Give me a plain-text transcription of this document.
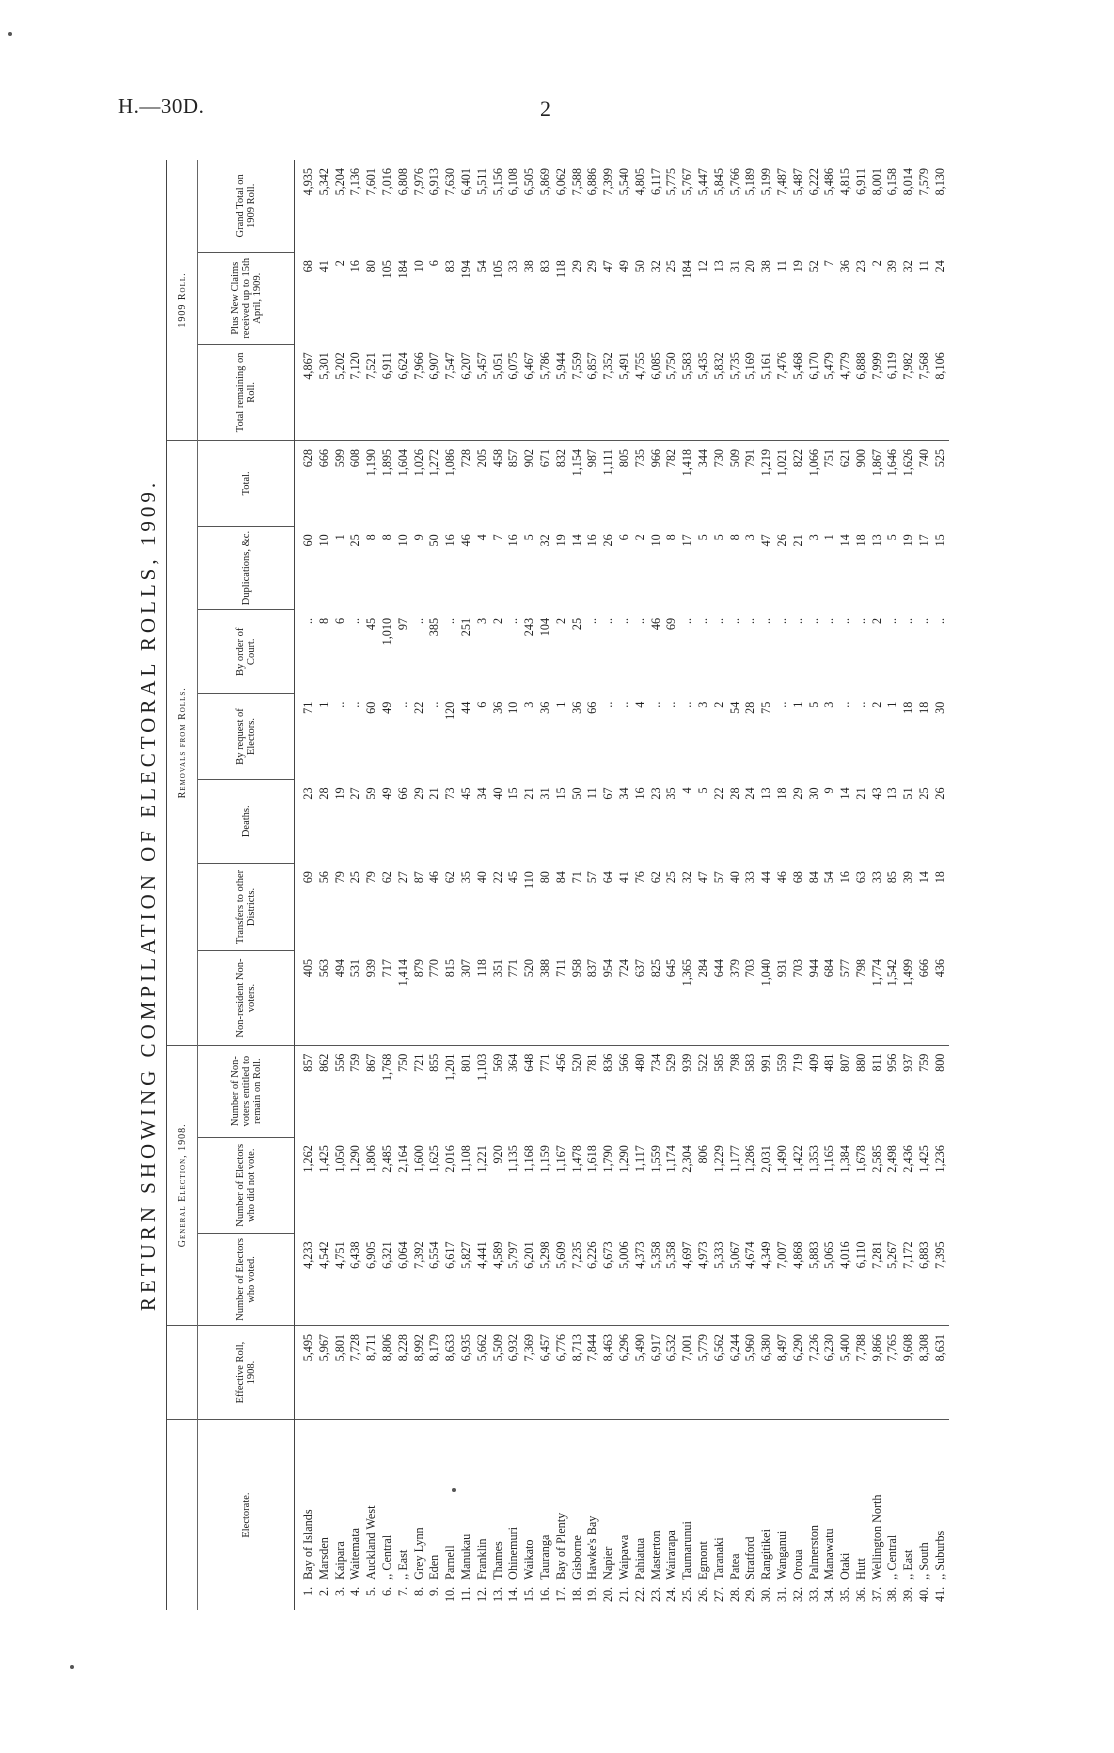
H.—30D.	2
RETURN SHOWING COMPILATION OF ELECTORAL ROLLS, 1909.
			General Election, 1908.			Removals from Rolls.							1909 Roll.		
Electorate.		Effective Roll, 1908.	Number of Electors who voted.	Number of Electors who did not vote.	Number of Non-voters entitled to remain on Roll.	Non-resident Non-voters.	Transfers to other Districts.	Deaths.	By request of Electors.	By order of Court.	Duplications, &c.	Total.	Total remaining on Roll.	Plus New Claims received up to 15th April, 1909.	Grand Total on 1909 Roll.
1.	Bay of Islands	5,495	4,233	1,262	857	405	69	23	71	..	60	628	4,867	68	4,935
2.	Marsden	5,967	4,542	1,425	862	563	56	28	1	8	10	666	5,301	41	5,342
3.	Kaipara	5,801	4,751	1,050	556	494	79	19	..	6	1	599	5,202	2	5,204
4.	Waitemata	7,728	6,438	1,290	759	531	25	27	..	..	25	608	7,120	16	7,136
5.	Auckland West	8,711	6,905	1,806	867	939	79	59	60	45	8	1,190	7,521	80	7,601
6.	,, Central	8,806	6,321	2,485	1,768	717	62	49	49	1,010	8	1,895	6,911	105	7,016
7.	,, East	8,228	6,064	2,164	750	1,414	27	66	..	97	10	1,604	6,624	184	6,808
8.	Grey Lynn	8,992	7,392	1,600	721	879	87	29	22	..	9	1,026	7,966	10	7,976
9.	Eden	8,179	6,554	1,625	855	770	46	21	..	385	50	1,272	6,907	6	6,913
10.	Parnell	8,633	6,617	2,016	1,201	815	62	73	120	..	16	1,086	7,547	83	7,630
11.	Manukau	6,935	5,827	1,108	801	307	35	45	44	251	46	728	6,207	194	6,401
12.	Franklin	5,662	4,441	1,221	1,103	118	40	34	6	3	4	205	5,457	54	5,511
13.	Thames	5,509	4,589	920	569	351	22	40	36	2	7	458	5,051	105	5,156
14.	Ohinemuri	6,932	5,797	1,135	364	771	45	15	10	..	16	857	6,075	33	6,108
15.	Waikato	7,369	6,201	1,168	648	520	110	21	3	243	5	902	6,467	38	6,505
16.	Tauranga	6,457	5,298	1,159	771	388	80	31	36	104	32	671	5,786	83	5,869
17.	Bay of Plenty	6,776	5,609	1,167	456	711	84	15	1	2	19	832	5,944	118	6,062
18.	Gisborne	8,713	7,235	1,478	520	958	71	50	36	25	14	1,154	7,559	29	7,588
19.	Hawke's Bay	7,844	6,226	1,618	781	837	57	11	66	..	16	987	6,857	29	6,886
20.	Napier	8,463	6,673	1,790	836	954	64	67	..	..	26	1,111	7,352	47	7,399
21.	Waipawa	6,296	5,006	1,290	566	724	41	34	..	..	6	805	5,491	49	5,540
22.	Pahiatua	5,490	4,373	1,117	480	637	76	16	4	..	2	735	4,755	50	4,805
23.	Masterton	6,917	5,358	1,559	734	825	62	23	..	46	10	966	6,085	32	6,117
24.	Wairarapa	6,532	5,358	1,174	529	645	25	35	..	69	8	782	5,750	25	5,775
25.	Taumarunui	7,001	4,697	2,304	939	1,365	32	4	..	..	17	1,418	5,583	184	5,767
26.	Egmont	5,779	4,973	806	522	284	47	5	3	..	5	344	5,435	12	5,447
27.	Taranaki	6,562	5,333	1,229	585	644	57	22	2	..	5	730	5,832	13	5,845
28.	Patea	6,244	5,067	1,177	798	379	40	28	54	..	8	509	5,735	31	5,766
29.	Stratford	5,960	4,674	1,286	583	703	33	24	28	..	3	791	5,169	20	5,189
30.	Rangitikei	6,380	4,349	2,031	991	1,040	44	13	75	..	47	1,219	5,161	38	5,199
31.	Wanganui	8,497	7,007	1,490	559	931	46	18	..	..	26	1,021	7,476	11	7,487
32.	Oroua	6,290	4,868	1,422	719	703	68	29	1	..	21	822	5,468	19	5,487
33.	Palmerston	7,236	5,883	1,353	409	944	84	30	5	..	3	1,066	6,170	52	6,222
34.	Manawatu	6,230	5,065	1,165	481	684	54	9	3	..	1	751	5,479	7	5,486
35.	Otaki	5,400	4,016	1,384	807	577	16	14	..	..	14	621	4,779	36	4,815
36.	Hutt	7,788	6,110	1,678	880	798	63	21	..	..	18	900	6,888	23	6,911
37.	Wellington North	9,866	7,281	2,585	811	1,774	33	43	2	2	13	1,867	7,999	2	8,001
38.	,, Central	7,765	5,267	2,498	956	1,542	85	13	1	..	5	1,646	6,119	39	6,158
39.	,, East	9,608	7,172	2,436	937	1,499	39	51	18	..	19	1,626	7,982	32	8,014
40.	,, South	8,308	6,883	1,425	759	666	14	25	18	..	17	740	7,568	11	7,579
41.	,, Suburbs	8,631	7,395	1,236	800	436	18	26	30	..	15	525	8,106	24	8,130
